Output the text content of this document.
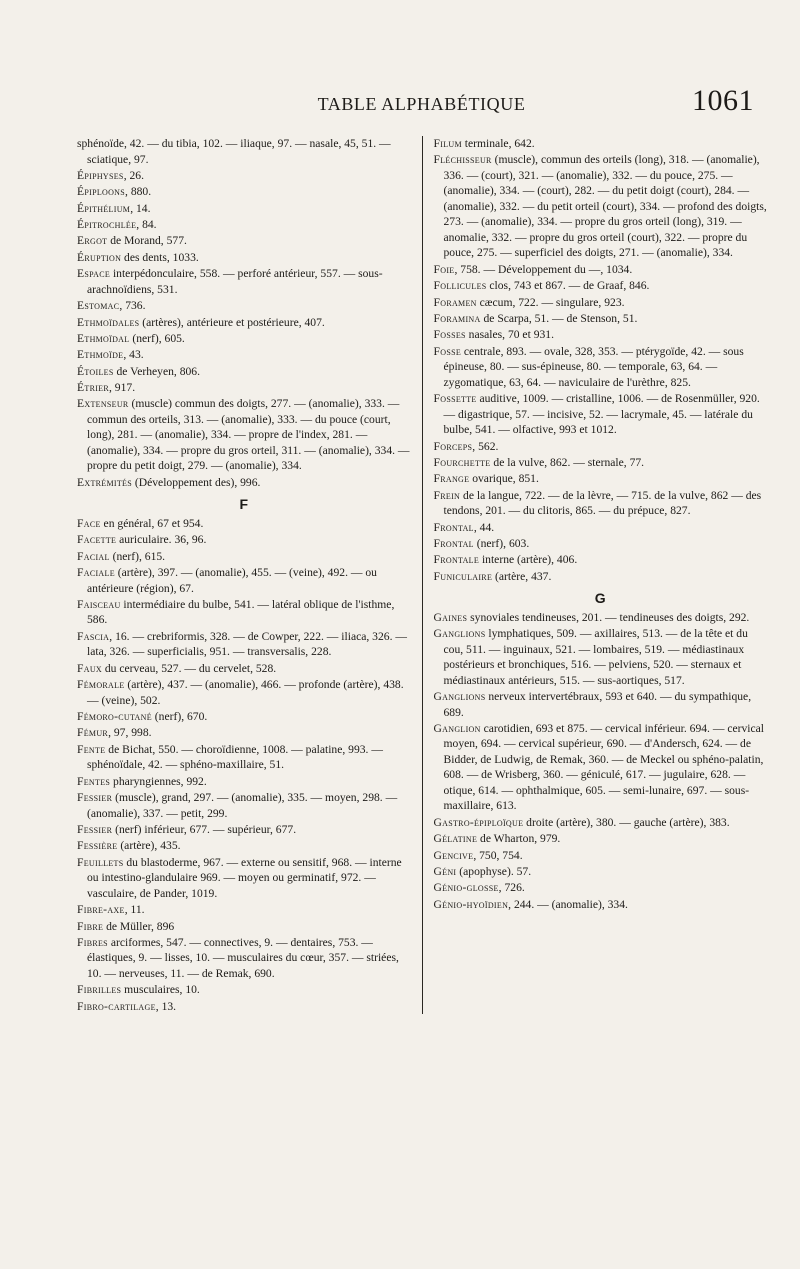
TABLE ALPHABÉTIQUE	1061

sphénoïde, 42. — du tibia, 102. — iliaque, 97. — nasale, 45, 51. — sciatique, 97.

Épiphyses, 26.

Épiploons, 880.

Épithélium, 14.

Épitrochlée, 84.

Ergot de Morand, 577.

Éruption des dents, 1033.

Espace interpédonculaire, 558. — perforé antérieur, 557. — sous-arachnoïdiens, 531.

Estomac, 736.

Ethmoïdales (artères), antérieure et postérieure, 407.

Ethmoïdal (nerf), 605.

Ethmoïde, 43.

Étoiles de Verheyen, 806.

Étrier, 917.

Extenseur (muscle) commun des doigts, 277. — (anomalie), 333. — commun des orteils, 313. — (anomalie), 333. — du pouce (court, long), 281. — (anomalie), 334. — propre de l'index, 281. — (anomalie), 334. — propre du gros orteil, 311. — (anomalie), 334. — propre du petit doigt, 279. — (anomalie), 334.

Extrémités (Développement des), 996.

F

Face en général, 67 et 954.

Facette auriculaire. 36, 96.

Facial (nerf), 615.

Faciale (artère), 397. — (anomalie), 455. — (veine), 492. — ou antérieure (région), 67.

Faisceau intermédiaire du bulbe, 541. — latéral oblique de l'isthme, 586.

Fascia, 16. — crebriformis, 328. — de Cowper, 222. — iliaca, 326. — lata, 326. — superficialis, 951. — transversalis, 228.

Faux du cerveau, 527. — du cervelet, 528.

Fémorale (artère), 437. — (anomalie), 466. — profonde (artère), 438. — (veine), 502.

Fémoro-cutané (nerf), 670.

Fémur, 97, 998.

Fente de Bichat, 550. — choroïdienne, 1008. — palatine, 993. — sphénoïdale, 42. — sphéno-maxillaire, 51.

Fentes pharyngiennes, 992.

Fessier (muscle), grand, 297. — (anomalie), 335. — moyen, 298. — (anomalie), 337. — petit, 299.

Fessier (nerf) inférieur, 677. — supérieur, 677.

Fessière (artère), 435.

Feuillets du blastoderme, 967. — externe ou sensitif, 968. — interne ou intestino-glandulaire 969. — moyen ou germinatif, 972. — vasculaire, de Pander, 1019.

Fibre-axe, 11.

Fibre de Müller, 896

Fibres arciformes, 547. — connectives, 9. — dentaires, 753. — élastiques, 9. — lisses, 10. — musculaires du cœur, 357. — striées, 10. — nerveuses, 11. — de Remak, 690.

Fibrilles musculaires, 10.

Fibro-cartilage, 13.

Filum terminale, 642.

Fléchisseur (muscle), commun des orteils (long), 318. — (anomalie), 336. — (court), 321. — (anomalie), 332. — du pouce, 275. — (anomalie), 334. — (court), 282. — du petit doigt (court), 284. — (anomalie), 332. — du petit orteil (court), 334. — profond des doigts, 273. — (anomalie), 334. — propre du gros orteil (long), 319. — anomalie, 332. — propre du gros orteil (court), 322. — propre du pouce, 275. — superficiel des doigts, 271. — (anomalie), 334.

Foie, 758. — Développement du —, 1034.

Follicules clos, 743 et 867. — de Graaf, 846.

Foramen cæcum, 722. — singulare, 923.

Foramina de Scarpa, 51. — de Stenson, 51.

Fosses nasales, 70 et 931.

Fosse centrale, 893. — ovale, 328, 353. — ptérygoïde, 42. — sous épineuse, 80. — sus-épineuse, 80. — temporale, 63, 64. — zygomatique, 63, 64. — naviculaire de l'urèthre, 825.

Fossette auditive, 1009. — cristalline, 1006. — de Rosenmüller, 920. — digastrique, 57. — incisive, 52. — lacrymale, 45. — latérale du bulbe, 541. — olfactive, 993 et 1012.

Forceps, 562.

Fourchette de la vulve, 862. — sternale, 77.

Frange ovarique, 851.

Frein de la langue, 722. — de la lèvre, — 715. de la vulve, 862 — des tendons, 201. — du clitoris, 865. — du prépuce, 827.

Frontal, 44.

Frontal (nerf), 603.

Frontale interne (artère), 406.

Funiculaire (artère, 437.

G

Gaines synoviales tendineuses, 201. — tendineuses des doigts, 292.

Ganglions lymphatiques, 509. — axillaires, 513. — de la tête et du cou, 511. — inguinaux, 521. — lombaires, 519. — médiastinaux postérieurs et bronchiques, 516. — pelviens, 520. — sternaux et médiastinaux antérieurs, 515. — sus-aortiques, 517.

Ganglions nerveux intervertébraux, 593 et 640. — du sympathique, 689.

Ganglion carotidien, 693 et 875. — cervical inférieur. 694. — cervical moyen, 694. — cervical supérieur, 690. — d'Andersch, 624. — de Bidder, de Ludwig, de Remak, 360. — de Meckel ou sphéno-palatin, 608. — de Wrisberg, 360. — géniculé, 617. — jugulaire, 628. — otique, 614. — ophthalmique, 605. — semi-lunaire, 697. — sous-maxillaire, 613.

Gastro-épiploïque droite (artère), 380. — gauche (artère), 383.

Gélatine de Wharton, 979.

Gencive, 750, 754.

Géni (apophyse). 57.

Génio-glosse, 726.

Génio-hyoïdien, 244. — (anomalie), 334.
